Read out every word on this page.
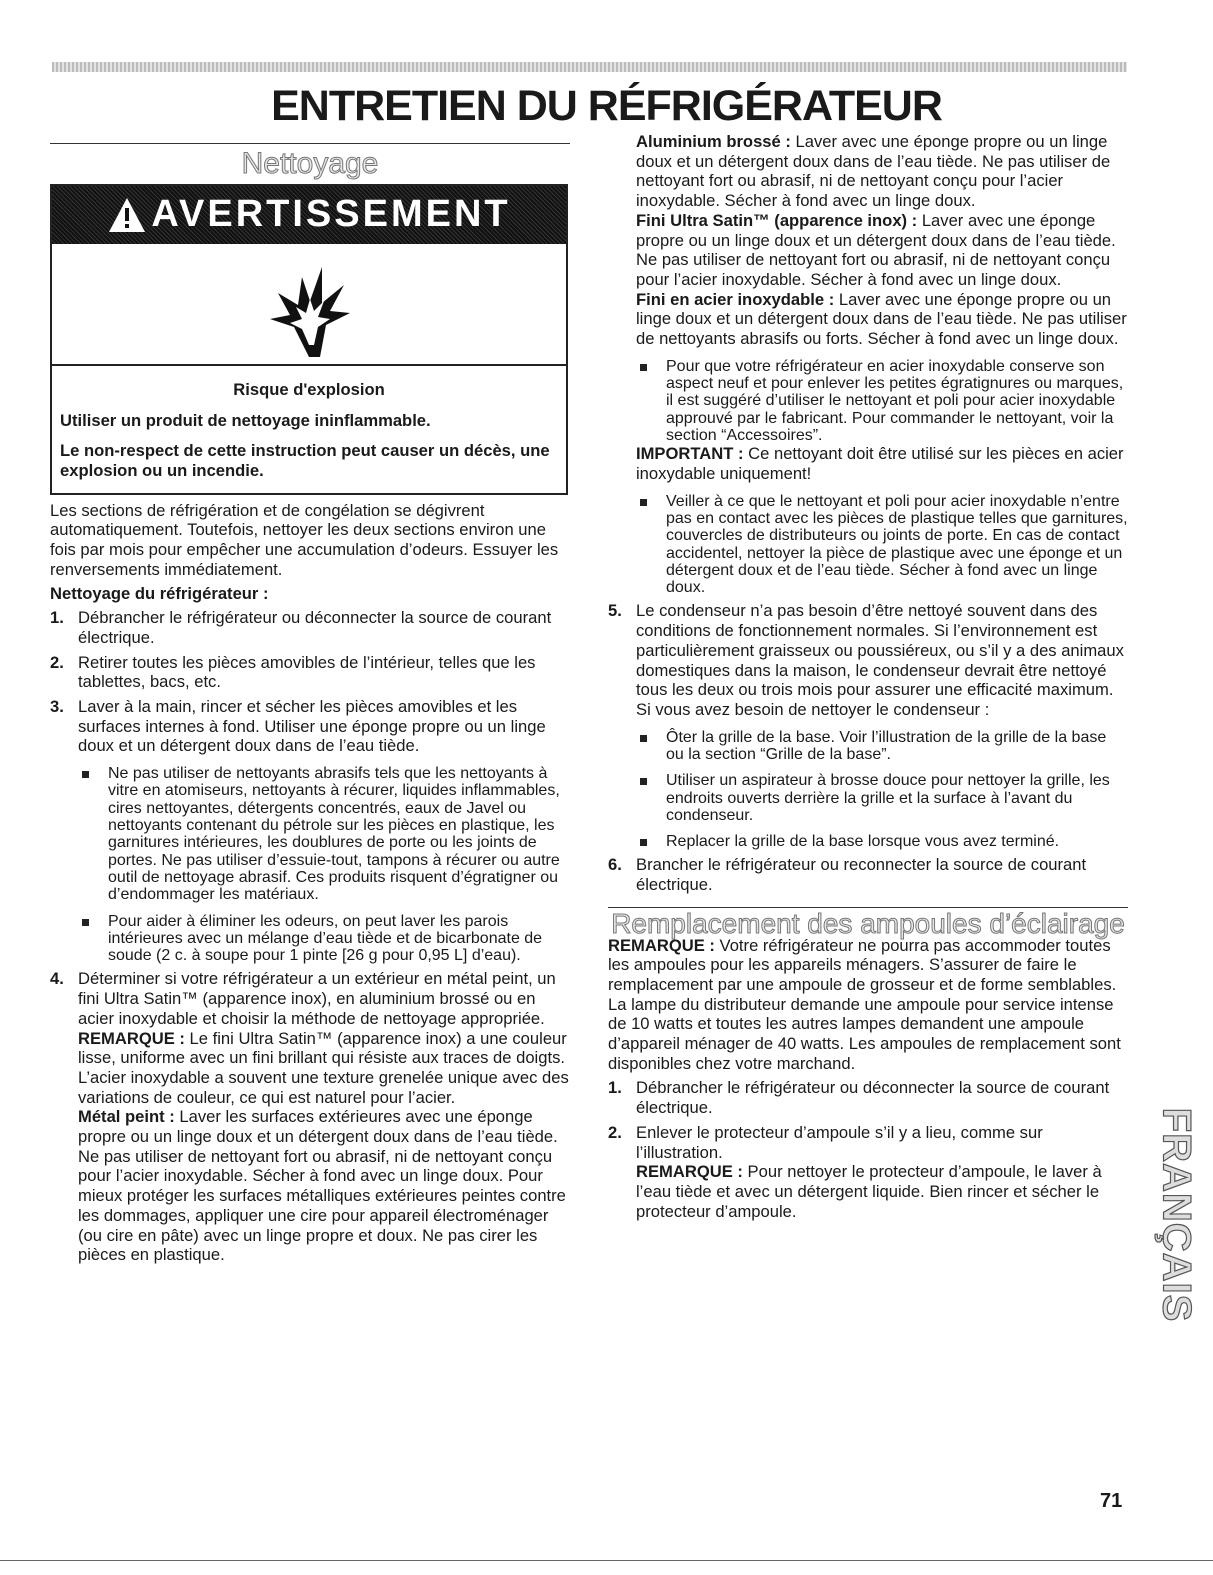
ENTRETIEN DU RÉFRIGÉRATEUR
Nettoyage
AVERTISSEMENT
Risque d'explosion

Utiliser un produit de nettoyage ininflammable.

Le non-respect de cette instruction peut causer un décès, une explosion ou un incendie.

Les sections de réfrigération et de congélation se dégivrent automatiquement. Toutefois, nettoyer les deux sections environ une fois par mois pour empêcher une accumulation d’odeurs. Essuyer les renversements immédiatement.

Nettoyage du réfrigérateur :

1. Débrancher le réfrigérateur ou déconnecter la source de courant électrique.
2. Retirer toutes les pièces amovibles de l’intérieur, telles que les tablettes, bacs, etc.
3. Laver à la main, rincer et sécher les pièces amovibles et les surfaces internes à fond. Utiliser une éponge propre ou un linge doux et un détergent doux dans de l’eau tiède.
Ne pas utiliser de nettoyants abrasifs tels que les nettoyants à vitre en atomiseurs, nettoyants à récurer, liquides inflammables, cires nettoyantes, détergents concentrés, eaux de Javel ou nettoyants contenant du pétrole sur les pièces en plastique, les garnitures intérieures, les doublures de porte ou les joints de portes. Ne pas utiliser d’essuie-tout, tampons à récurer ou autre outil de nettoyage abrasif. Ces produits risquent d’égratigner ou d’endommager les matériaux.
Pour aider à éliminer les odeurs, on peut laver les parois intérieures avec un mélange d’eau tiède et de bicarbonate de soude (2 c. à soupe pour 1 pinte [26 g pour 0,95 L] d’eau).
4. Déterminer si votre réfrigérateur a un extérieur en métal peint, un fini Ultra Satin™ (apparence inox), en aluminium brossé ou en acier inoxydable et choisir la méthode de nettoyage appropriée.

REMARQUE : Le fini Ultra Satin™ (apparence inox) a une couleur lisse, uniforme avec un fini brillant qui résiste aux traces de doigts. L’acier inoxydable a souvent une texture grenelée unique avec des variations de couleur, ce qui est naturel pour l’acier.

Métal peint : Laver les surfaces extérieures avec une éponge propre ou un linge doux et un détergent doux dans de l’eau tiède. Ne pas utiliser de nettoyant fort ou abrasif, ni de nettoyant conçu pour l’acier inoxydable. Sécher à fond avec un linge doux. Pour mieux protéger les surfaces métalliques extérieures peintes contre les dommages, appliquer une cire pour appareil électroménager (ou cire en pâte) avec un linge propre et doux. Ne pas cirer les pièces en plastique.

Aluminium brossé : Laver avec une éponge propre ou un linge doux et un détergent doux dans de l’eau tiède. Ne pas utiliser de nettoyant fort ou abrasif, ni de nettoyant conçu pour l’acier inoxydable. Sécher à fond avec un linge doux.

Fini Ultra Satin™ (apparence inox) : Laver avec une éponge propre ou un linge doux et un détergent doux dans de l’eau tiède. Ne pas utiliser de nettoyant fort ou abrasif, ni de nettoyant conçu pour l’acier inoxydable. Sécher à fond avec un linge doux.

Fini en acier inoxydable : Laver avec une éponge propre ou un linge doux et un détergent doux dans de l’eau tiède. Ne pas utiliser de nettoyants abrasifs ou forts. Sécher à fond avec un linge doux.

Pour que votre réfrigérateur en acier inoxydable conserve son aspect neuf et pour enlever les petites égratignures ou marques, il est suggéré d’utiliser le nettoyant et poli pour acier inoxydable approuvé par le fabricant. Pour commander le nettoyant, voir la section “Accessoires”.

IMPORTANT : Ce nettoyant doit être utilisé sur les pièces en acier inoxydable uniquement!

Veiller à ce que le nettoyant et poli pour acier inoxydable n’entre pas en contact avec les pièces de plastique telles que garnitures, couvercles de distributeurs ou joints de porte. En cas de contact accidentel, nettoyer la pièce de plastique avec une éponge et un détergent doux et de l’eau tiède. Sécher à fond avec un linge doux.
5. Le condenseur n’a pas besoin d’être nettoyé souvent dans des conditions de fonctionnement normales. Si l’environnement est particulièrement graisseux ou poussiéreux, ou s’il y a des animaux domestiques dans la maison, le condenseur devrait être nettoyé tous les deux ou trois mois pour assurer une efficacité maximum.

Si vous avez besoin de nettoyer le condenseur :

Ôter la grille de la base. Voir l’illustration de la grille de la base ou la section “Grille de la base”.
Utiliser un aspirateur à brosse douce pour nettoyer la grille, les endroits ouverts derrière la grille et la surface à l’avant du condenseur.
Replacer la grille de la base lorsque vous avez terminé.
6. Brancher le réfrigérateur ou reconnecter la source de courant électrique.
Remplacement des ampoules d’éclairage

REMARQUE : Votre réfrigérateur ne pourra pas accommoder toutes les ampoules pour les appareils ménagers. S’assurer de faire le remplacement par une ampoule de grosseur et de forme semblables. La lampe du distributeur demande une ampoule pour service intense de 10 watts et toutes les autres lampes demandent une ampoule d’appareil ménager de 40 watts. Les ampoules de remplacement sont disponibles chez votre marchand.

1. Débrancher le réfrigérateur ou déconnecter la source de courant électrique.
2. Enlever le protecteur d’ampoule s’il y a lieu, comme sur l’illustration.

REMARQUE : Pour nettoyer le protecteur d’ampoule, le laver à l’eau tiède et avec un détergent liquide. Bien rincer et sécher le protecteur d’ampoule.	FRANÇAIS
71
